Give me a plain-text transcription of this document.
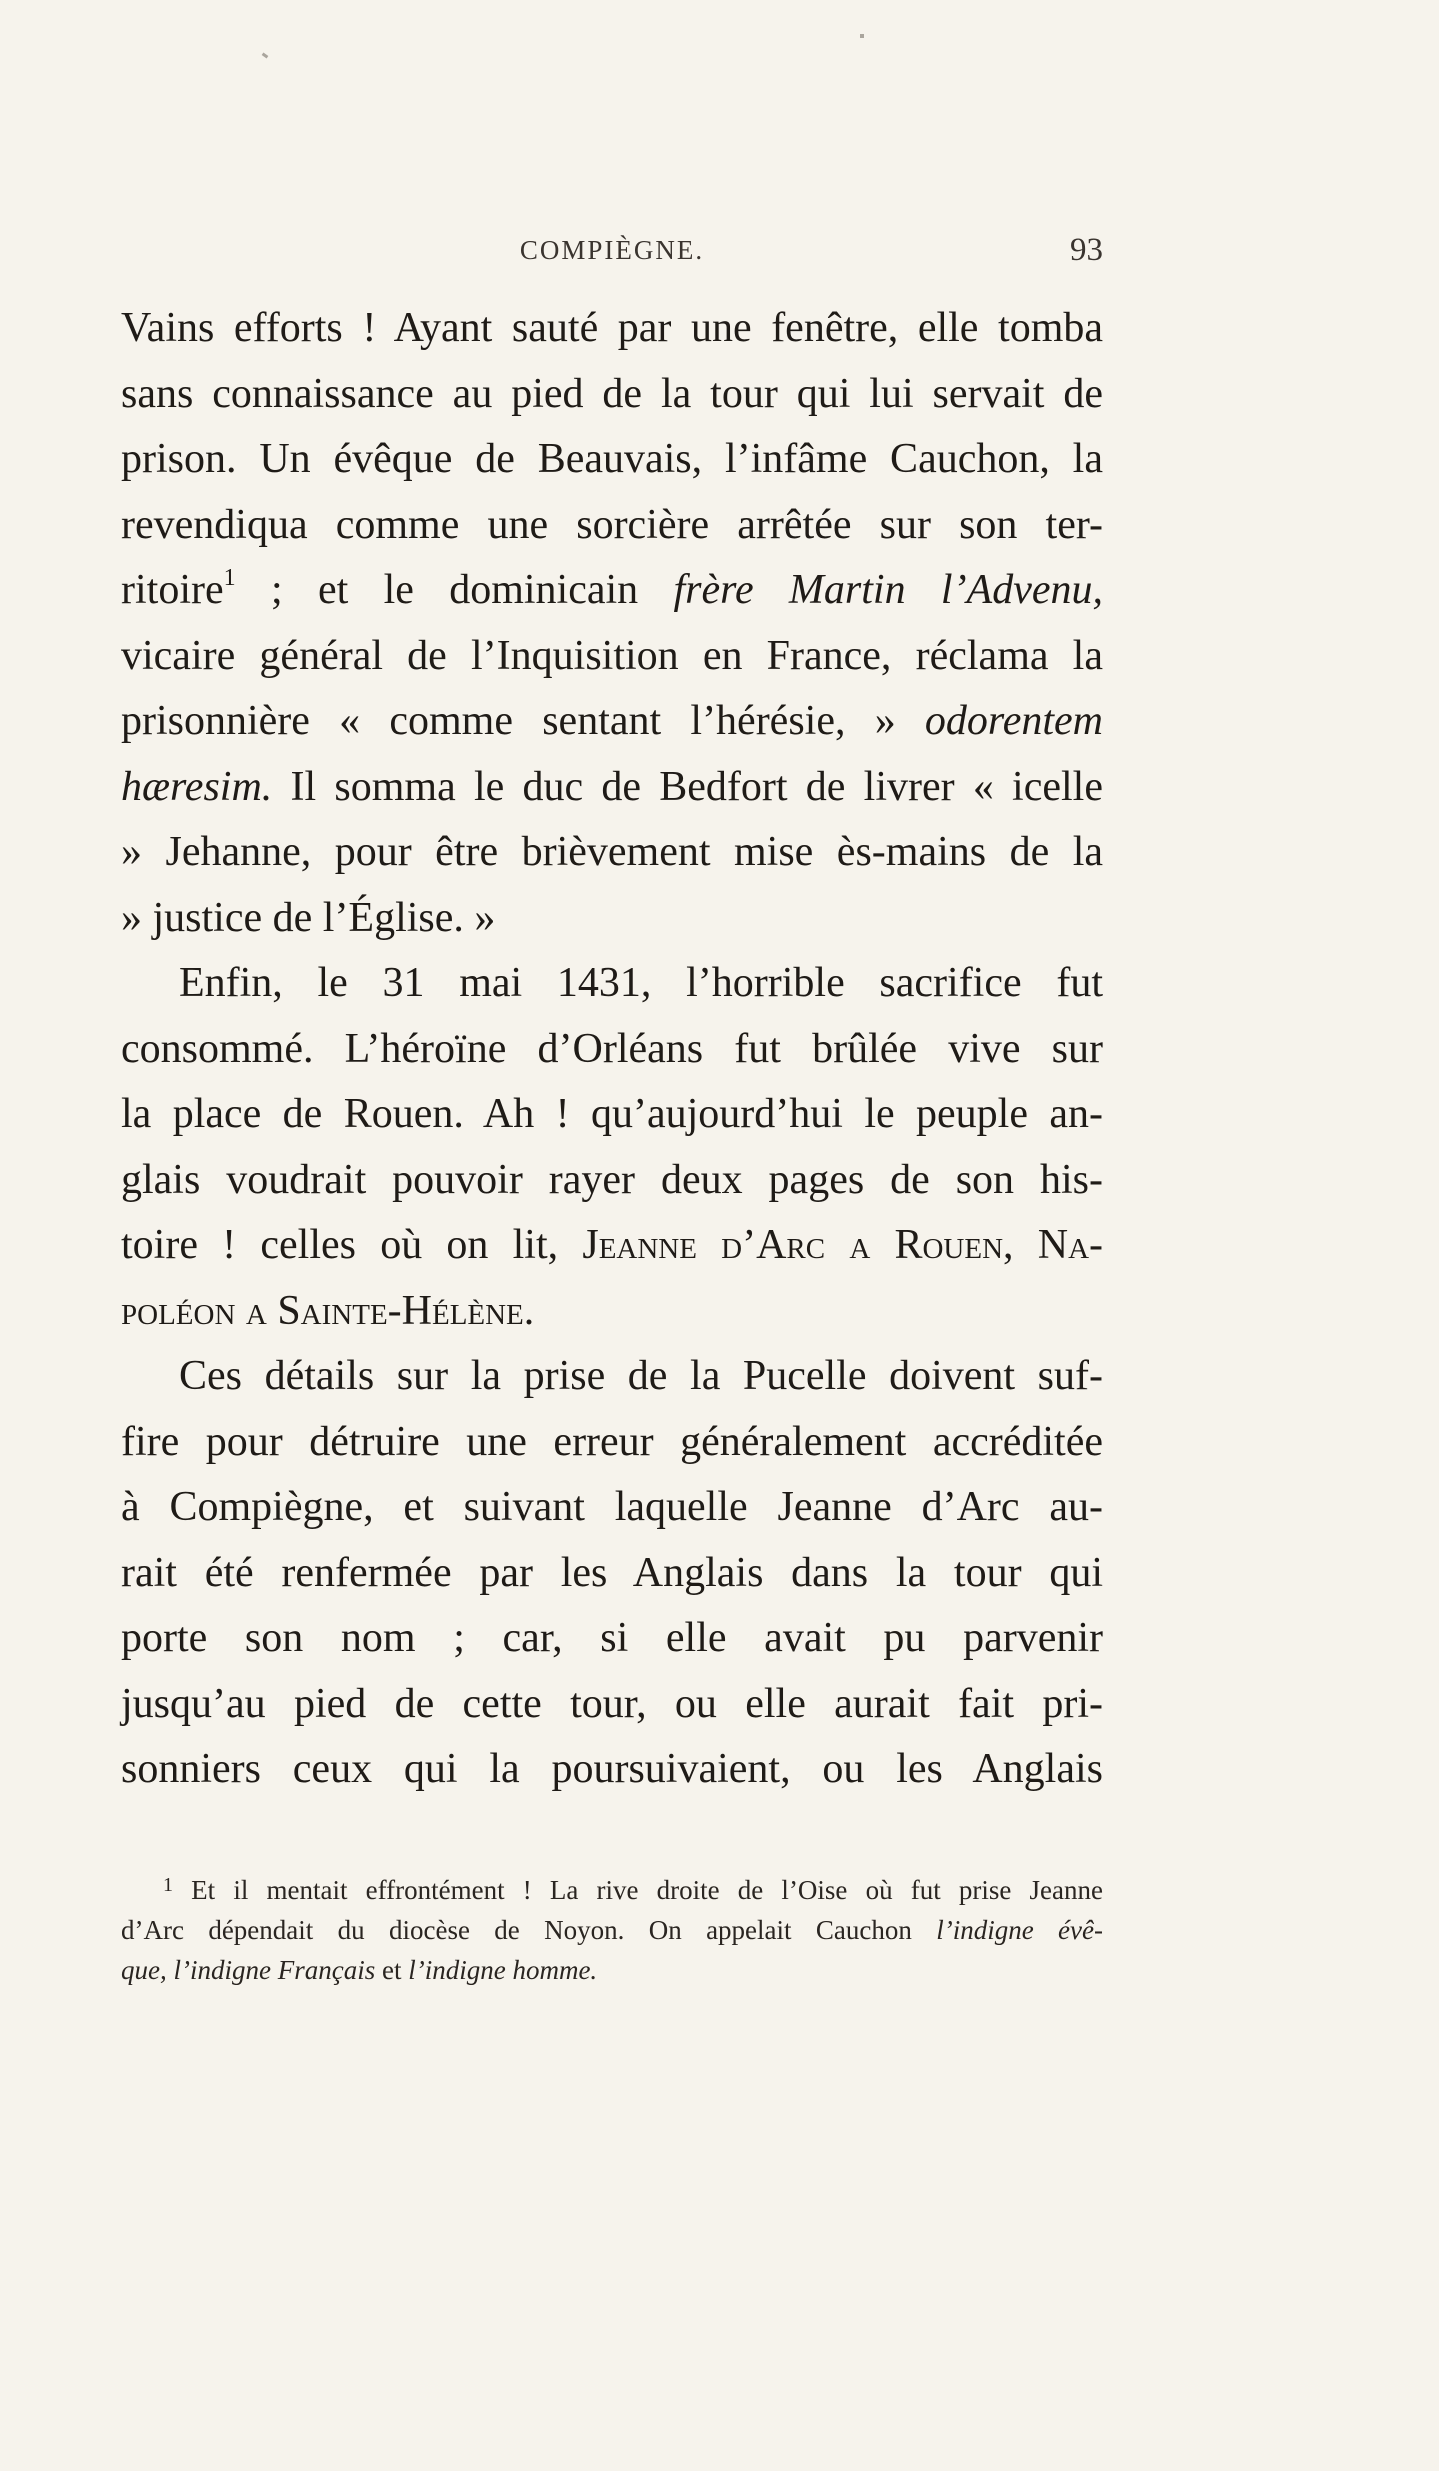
COMPIÈGNE.	93
Vains efforts ! Ayant sauté par une fenêtre, elle tomba
sans connaissance au pied de la tour qui lui servait de
prison. Un évêque de Beauvais, l’infâme Cauchon, la
revendiqua comme une sorcière arrêtée sur son ter-
ritoire$^1$ ; et le dominicain frère Martin l’Advenu,
vicaire général de l’Inquisition en France, réclama la
prisonnière « comme sentant l’hérésie, » odorentem
hæresim. Il somma le duc de Bedfort de livrer « icelle
» Jehanne, pour être brièvement mise ès-mains de la
» justice de l’Église. »
Enfin, le 31 mai 1431, l’horrible sacrifice fut
consommé. L’héroïne d’Orléans fut brûlée vive sur
la place de Rouen. Ah ! qu’aujourd’hui le peuple an-
glais voudrait pouvoir rayer deux pages de son his-
toire ! celles où on lit, Jeanne d’Arc a Rouen, Na-
poléon a Sainte-Hélène.
Ces détails sur la prise de la Pucelle doivent suf-
fire pour détruire une erreur généralement accréditée
à Compiègne, et suivant laquelle Jeanne d’Arc au-
rait été renfermée par les Anglais dans la tour qui
porte son nom ; car, si elle avait pu parvenir
jusqu’au pied de cette tour, ou elle aurait fait pri-
sonniers ceux qui la poursuivaient, ou les Anglais
$^1$ Et il mentait effrontément ! La rive droite de l’Oise où fut prise Jeanne
d’Arc dépendait du diocèse de Noyon. On appelait Cauchon l’indigne évê-
que, l’indigne Français et l’indigne homme.
